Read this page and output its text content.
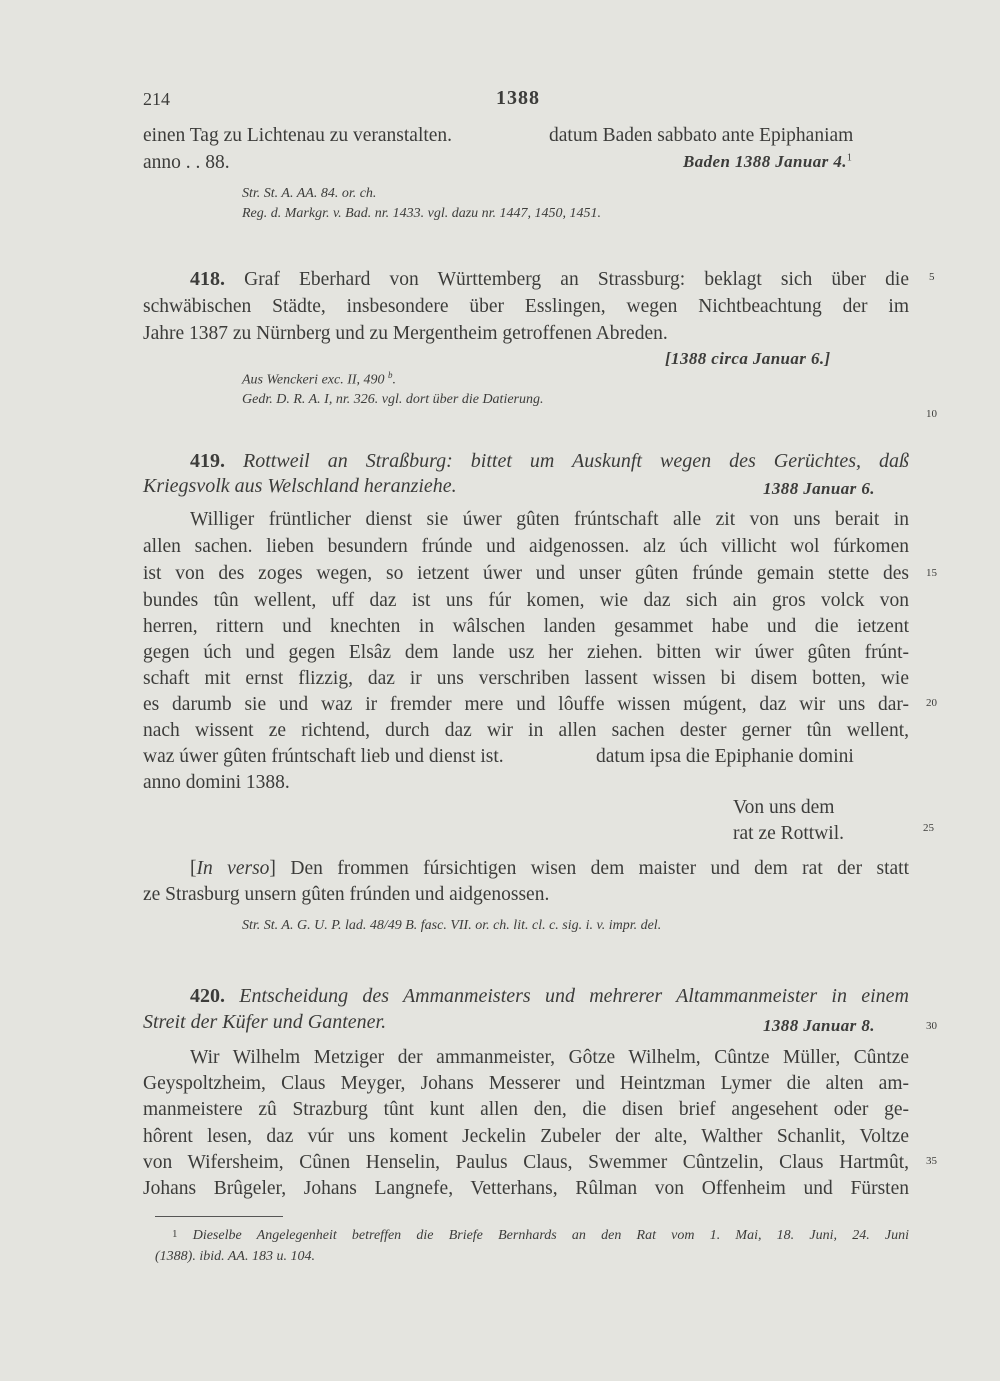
214	1388
einen Tag zu Lichtenau zu veranstalten.	datum Baden sabbato ante Epiphaniam
anno . . 88.	Baden 1388 Januar 4.$^1$
Str. St. A. AA. 84. or. ch.
Reg. d. Markgr. v. Bad. nr. 1433. vgl. dazu nr. 1447, 1450, 1451.
418. Graf Eberhard von Württemberg an Strassburg: beklagt sich über die
schwäbischen Städte, insbesondere über Esslingen, wegen Nichtbeachtung der im
Jahre 1387 zu Nürnberg und zu Mergentheim getroffenen Abreden.
[1388 circa Januar 6.]
Aus Wenckeri exc. II, 490 $^b$.
Gedr. D. R. A. I, nr. 326. vgl. dort über die Datierung.
419. Rottweil an Straßburg: bittet um Auskunft wegen des Gerüchtes, daß
Kriegsvolk aus Welschland heranziehe.	1388 Januar 6.
Williger früntlicher dienst sie úwer gûten frúntschaft alle zit von uns berait in
allen sachen. lieben besundern frúnde und aidgenossen. alz úch villicht wol fúrkomen
ist von des zoges wegen, so ietzent úwer und unser gûten frúnde gemain stette des
bundes tûn wellent, uff daz ist uns fúr komen, wie daz sich ain gros volck von
herren, rittern und knechten in wâlschen landen gesammet habe und die ietzent
gegen úch und gegen Elsâz dem lande usz her ziehen. bitten wir úwer gûten frúnt-
schaft mit ernst flizzig, daz ir uns verschriben lassent wissen bi disem botten, wie
es darumb sie und waz ir fremder mere und lôuffe wissen múgent, daz wir uns dar-
nach wissent ze richtend, durch daz wir in allen sachen dester gerner tûn wellent,
waz úwer gûten frúntschaft lieb und dienst ist.	datum ipsa die Epiphanie domini
anno domini 1388.
Von uns dem
rat ze Rottwil.
[In verso] Den frommen fúrsichtigen wisen dem maister und dem rat der statt
ze Strasburg unsern gûten frúnden und aidgenossen.
Str. St. A. G. U. P. lad. 48/49 B. fasc. VII. or. ch. lit. cl. c. sig. i. v. impr. del.
420. Entscheidung des Ammanmeisters und mehrerer Altammanmeister in einem
Streit der Küfer und Gantener.	1388 Januar 8.
Wir Wilhelm Metziger der ammanmeister, Gôtze Wilhelm, Cûntze Müller, Cûntze
Geyspoltzheim, Claus Meyger, Johans Messerer und Heintzman Lymer die alten am-
manmeistere zû Strazburg tûnt kunt allen den, die disen brief angesehent oder ge-
hôrent lesen, daz vúr uns koment Jeckelin Zubeler der alte, Walther Schanlit, Voltze
von Wifersheim, Cûnen Henselin, Paulus Claus, Swemmer Cûntzelin, Claus Hartmût,
Johans Brûgeler, Johans Langnefe, Vetterhans, Rûlman von Offenheim und Fürsten
1 Dieselbe Angelegenheit betreffen die Briefe Bernhards an den Rat vom 1. Mai, 18. Juni, 24. Juni
(1388). ibid. AA. 183 u. 104.
5
10
15
20
25
30
35
